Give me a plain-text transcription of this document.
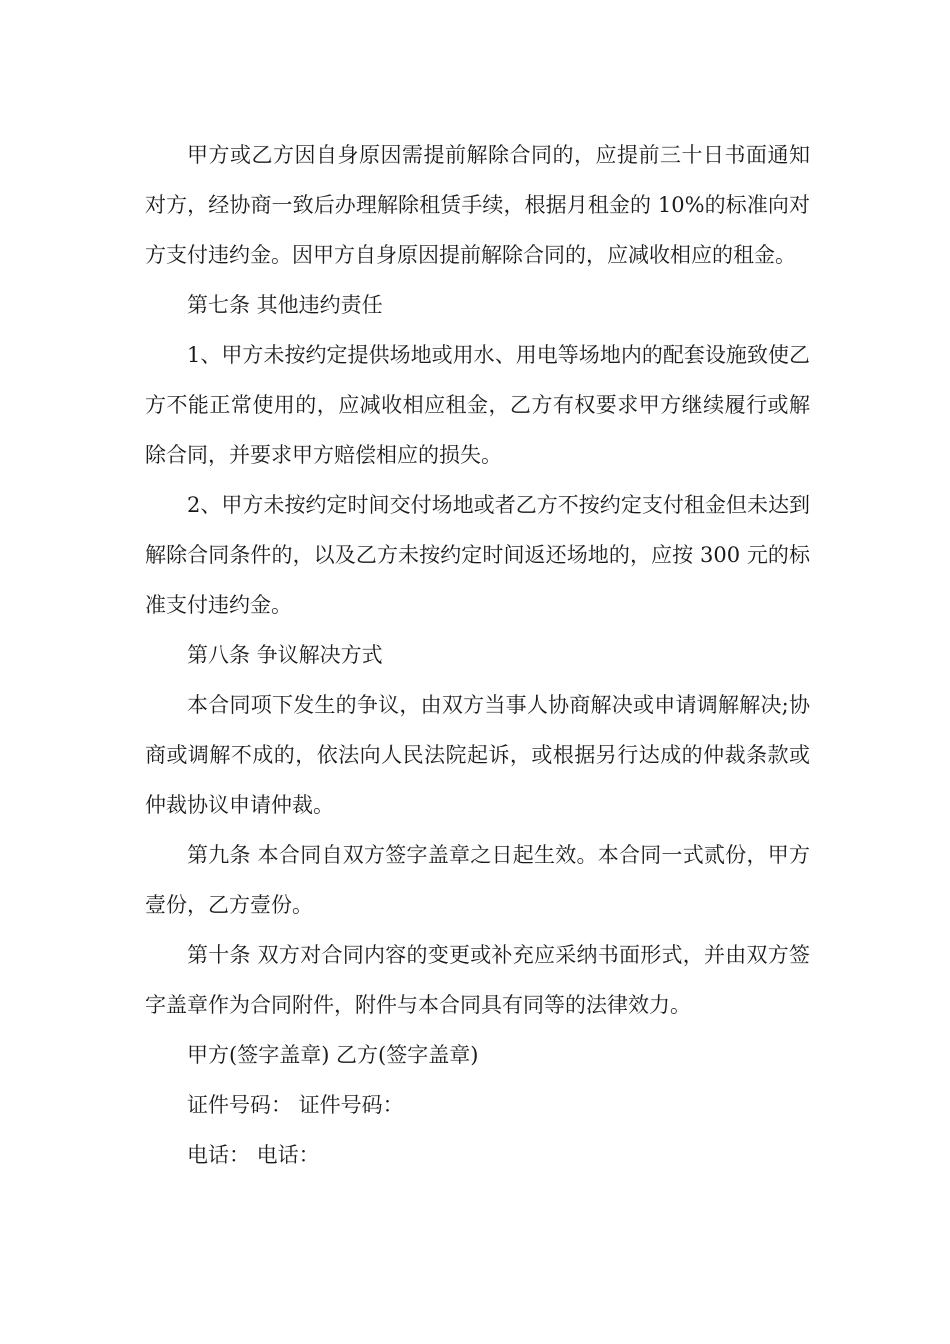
甲方或乙方因自身原因需提前解除合同的，应提前三十日书面通知对方，经协商一致后办理解除租赁手续，根据月租金的 10%的标准向对方支付违约金。因甲方自身原因提前解除合同的，应减收相应的租金。

第七条 其他违约责任

1、甲方未按约定提供场地或用水、用电等场地内的配套设施致使乙方不能正常使用的，应减收相应租金，乙方有权要求甲方继续履行或解除合同，并要求甲方赔偿相应的损失。

2、甲方未按约定时间交付场地或者乙方不按约定支付租金但未达到解除合同条件的，以及乙方未按约定时间返还场地的，应按 300 元的标准支付违约金。

第八条 争议解决方式

本合同项下发生的争议，由双方当事人协商解决或申请调解解决;协商或调解不成的，依法向人民法院起诉，或根据另行达成的仲裁条款或仲裁协议申请仲裁。

第九条 本合同自双方签字盖章之日起生效。本合同一式贰份，甲方壹份，乙方壹份。

第十条 双方对合同内容的变更或补充应采纳书面形式，并由双方签字盖章作为合同附件，附件与本合同具有同等的法律效力。

甲方(签字盖章) 乙方(签字盖章)

证件号码： 证件号码：

电话： 电话：
